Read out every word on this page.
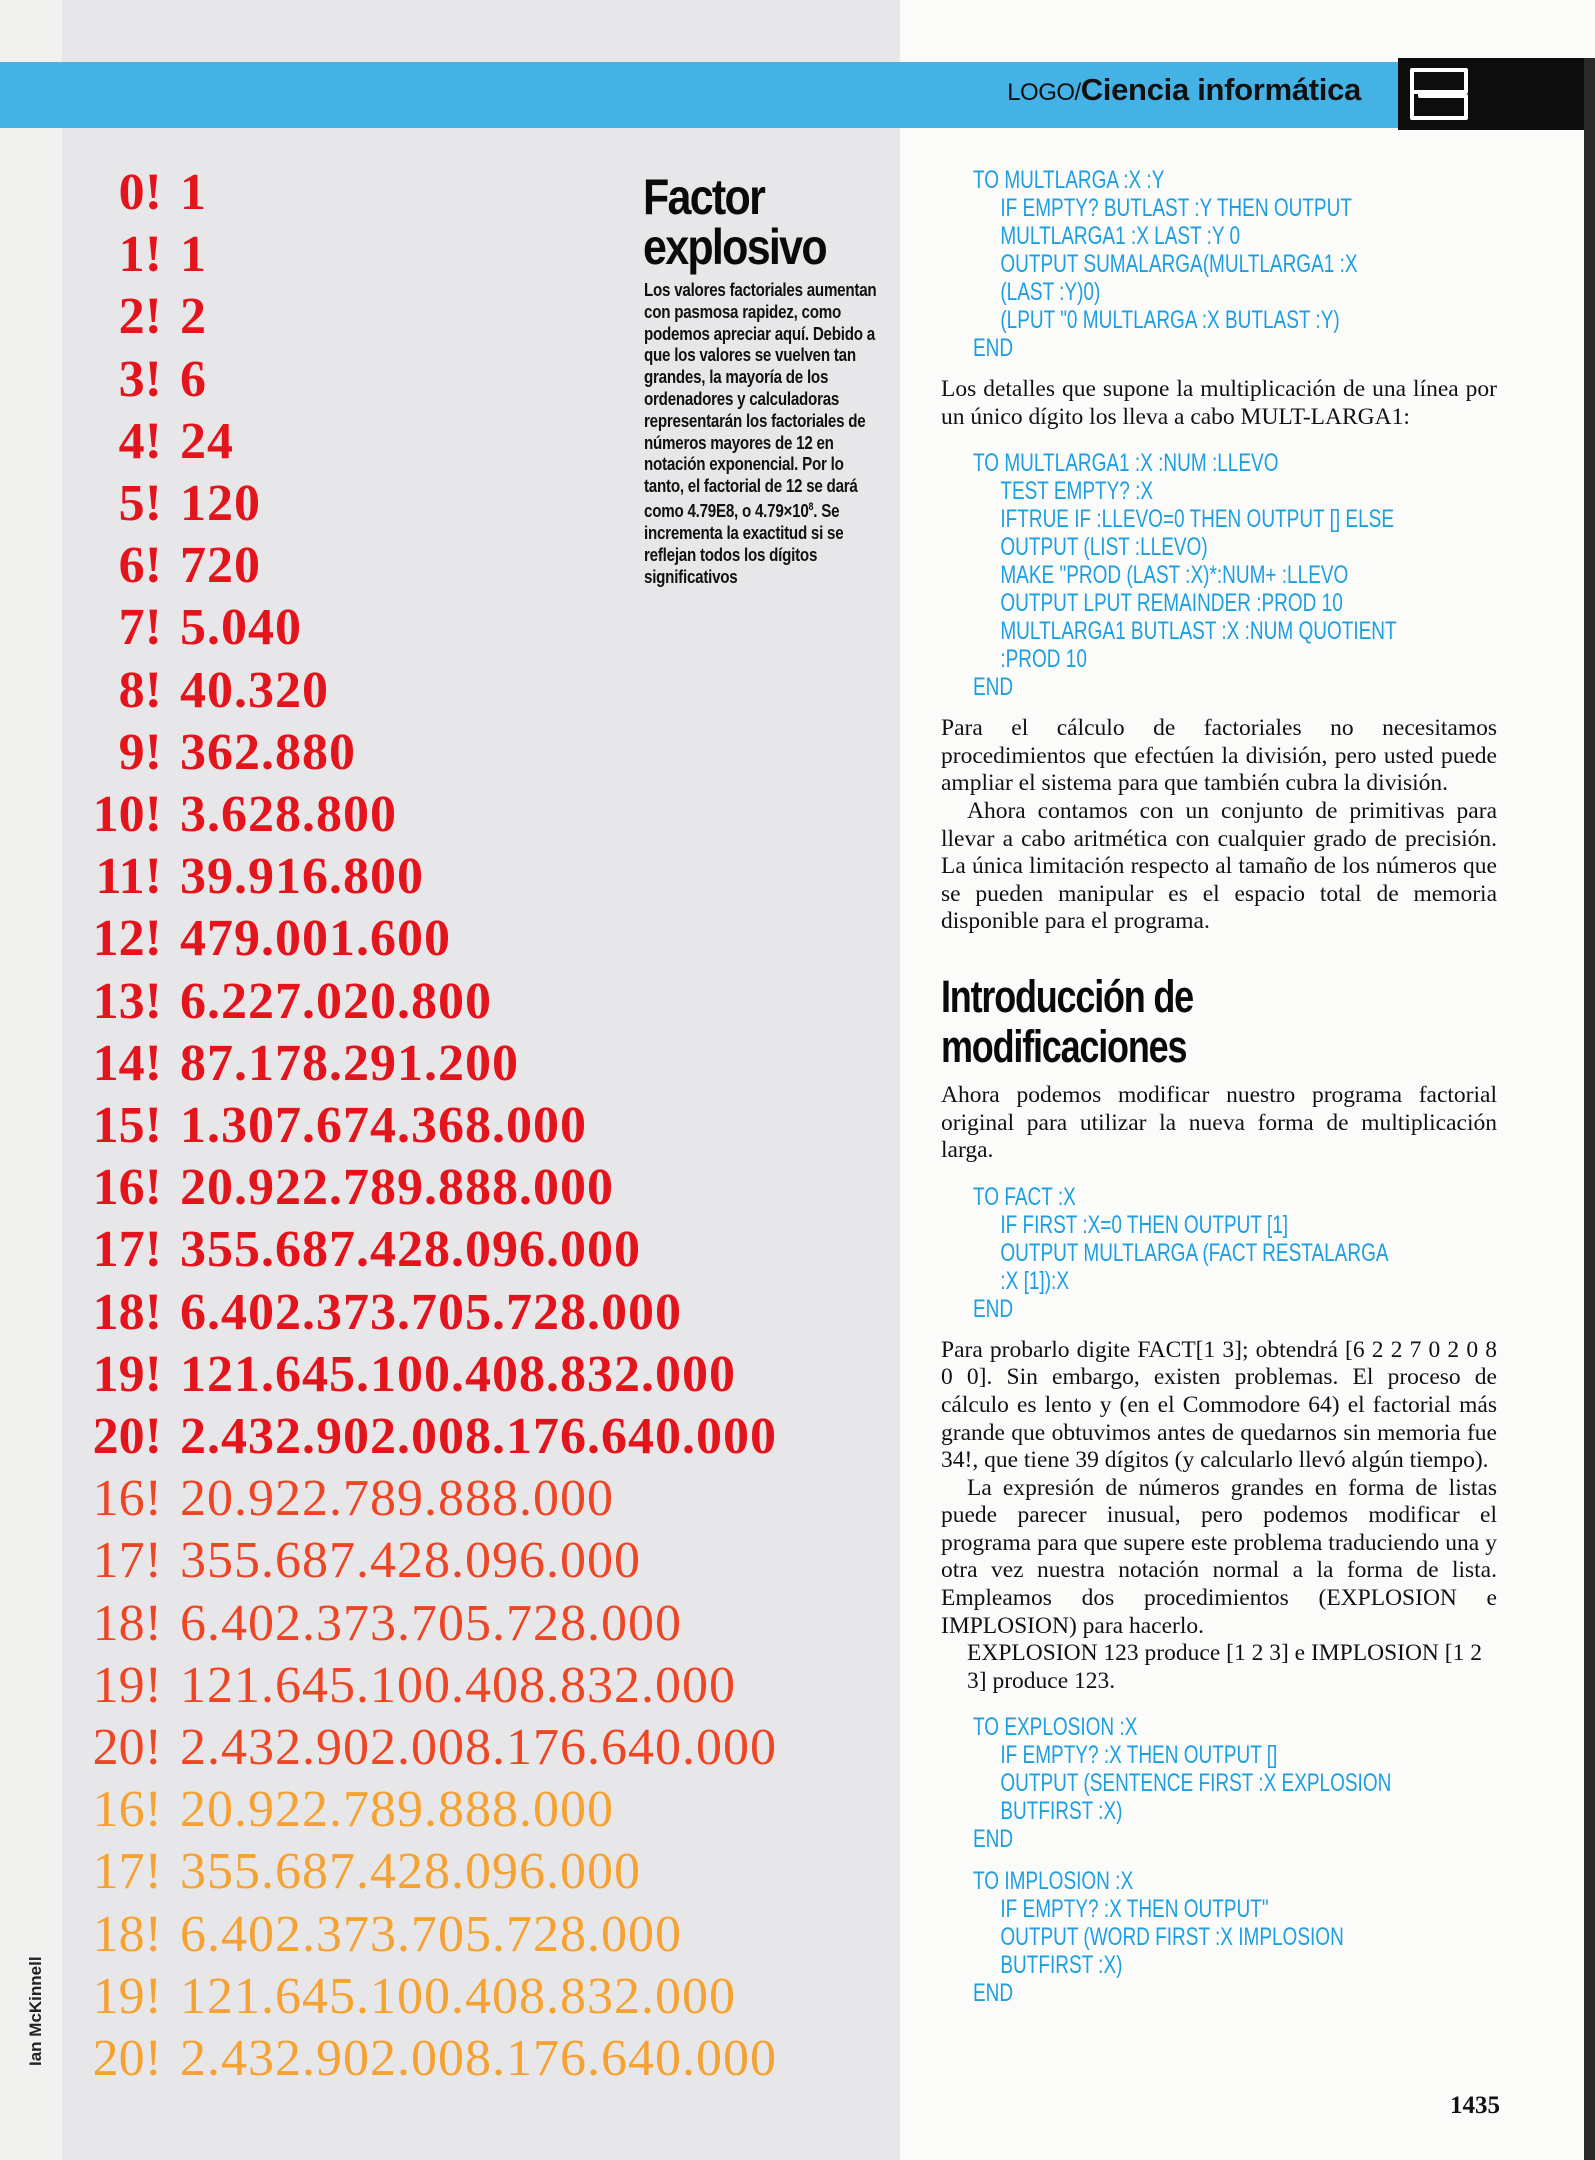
LOGO/Ciencia informática
0! 1
1! 1
2! 2
3! 6
4! 24
5! 120
6! 720
7! 5.040
8! 40.320
9! 362.880
10! 3.628.800
11! 39.916.800
12! 479.001.600
13! 6.227.020.800
14! 87.178.291.200
15! 1.307.674.368.000
16! 20.922.789.888.000
17! 355.687.428.096.000
18! 6.402.373.705.728.000
19! 121.645.100.408.832.000
20! 2.432.902.008.176.640.000
16! 20.922.789.888.000
17! 355.687.428.096.000
18! 6.402.373.705.728.000
19! 121.645.100.408.832.000
20! 2.432.902.008.176.640.000
16! 20.922.789.888.000
17! 355.687.428.096.000
18! 6.402.373.705.728.000
19! 121.645.100.408.832.000
20! 2.432.902.008.176.640.000
Factor
explosivo
Los valores factoriales aumentan con pasmosa rapidez, como podemos apreciar aquí. Debido a que los valores se vuelven tan grandes, la mayoría de los ordenadores y calculadoras representarán los factoriales de números mayores de 12 en notación exponencial. Por lo tanto, el factorial de 12 se dará como 4.79E8, o $4.79\times 10^8$. Se incrementa la exactitud si se reflejan todos los dígitos significativos
Ian McKinnell
TO MULTLARGA :X :Y
IF EMPTY? BUTLAST :Y THEN OUTPUT
MULTLARGA1 :X LAST :Y 0
OUTPUT SUMALARGA(MULTLARGA1 :X
(LAST :Y)0)
(LPUT "0 MULTLARGA :X BUTLAST :Y)
END

Los detalles que supone la multiplicación de una línea por un único dígito los lleva a cabo MULT-LARGA1:

TO MULTLARGA1 :X :NUM :LLEVO
TEST EMPTY? :X
IFTRUE IF :LLEVO=0 THEN OUTPUT [] ELSE
OUTPUT (LIST :LLEVO)
MAKE "PROD (LAST :X)*:NUM+ :LLEVO
OUTPUT LPUT REMAINDER :PROD 10
MULTLARGA1 BUTLAST :X :NUM QUOTIENT
:PROD 10
END

Para el cálculo de factoriales no necesitamos procedimientos que efectúen la división, pero usted puede ampliar el sistema para que también cubra la división.

Ahora contamos con un conjunto de primitivas para llevar a cabo aritmética con cualquier grado de precisión. La única limitación respecto al tamaño de los números que se pueden manipular es el espacio total de memoria disponible para el programa.

Introducción de
modificaciones

Ahora podemos modificar nuestro programa factorial original para utilizar la nueva forma de multiplicación larga.

TO FACT :X
IF FIRST :X=0 THEN OUTPUT [1]
OUTPUT MULTLARGA (FACT RESTALARGA
:X [1]):X
END

Para probarlo digite FACT[1 3]; obtendrá [6 2 2 7 0 2 0 8 0 0]. Sin embargo, existen problemas. El proceso de cálculo es lento y (en el Commodore 64) el factorial más grande que obtuvimos antes de quedarnos sin memoria fue 34!, que tiene 39 dígitos (y calcularlo llevó algún tiempo).

La expresión de números grandes en forma de listas puede parecer inusual, pero podemos modificar el programa para que supere este problema traduciendo una y otra vez nuestra notación normal a la forma de lista. Empleamos dos procedimientos (EXPLOSION e IMPLOSION) para hacerlo.

EXPLOSION 123 produce [1 2 3] e IMPLOSION [1 2 3] produce 123.

TO EXPLOSION :X
IF EMPTY? :X THEN OUTPUT []
OUTPUT (SENTENCE FIRST :X EXPLOSION
BUTFIRST :X)
END
TO IMPLOSION :X
IF EMPTY? :X THEN OUTPUT"
OUTPUT (WORD FIRST :X IMPLOSION
BUTFIRST :X)
END
1435
